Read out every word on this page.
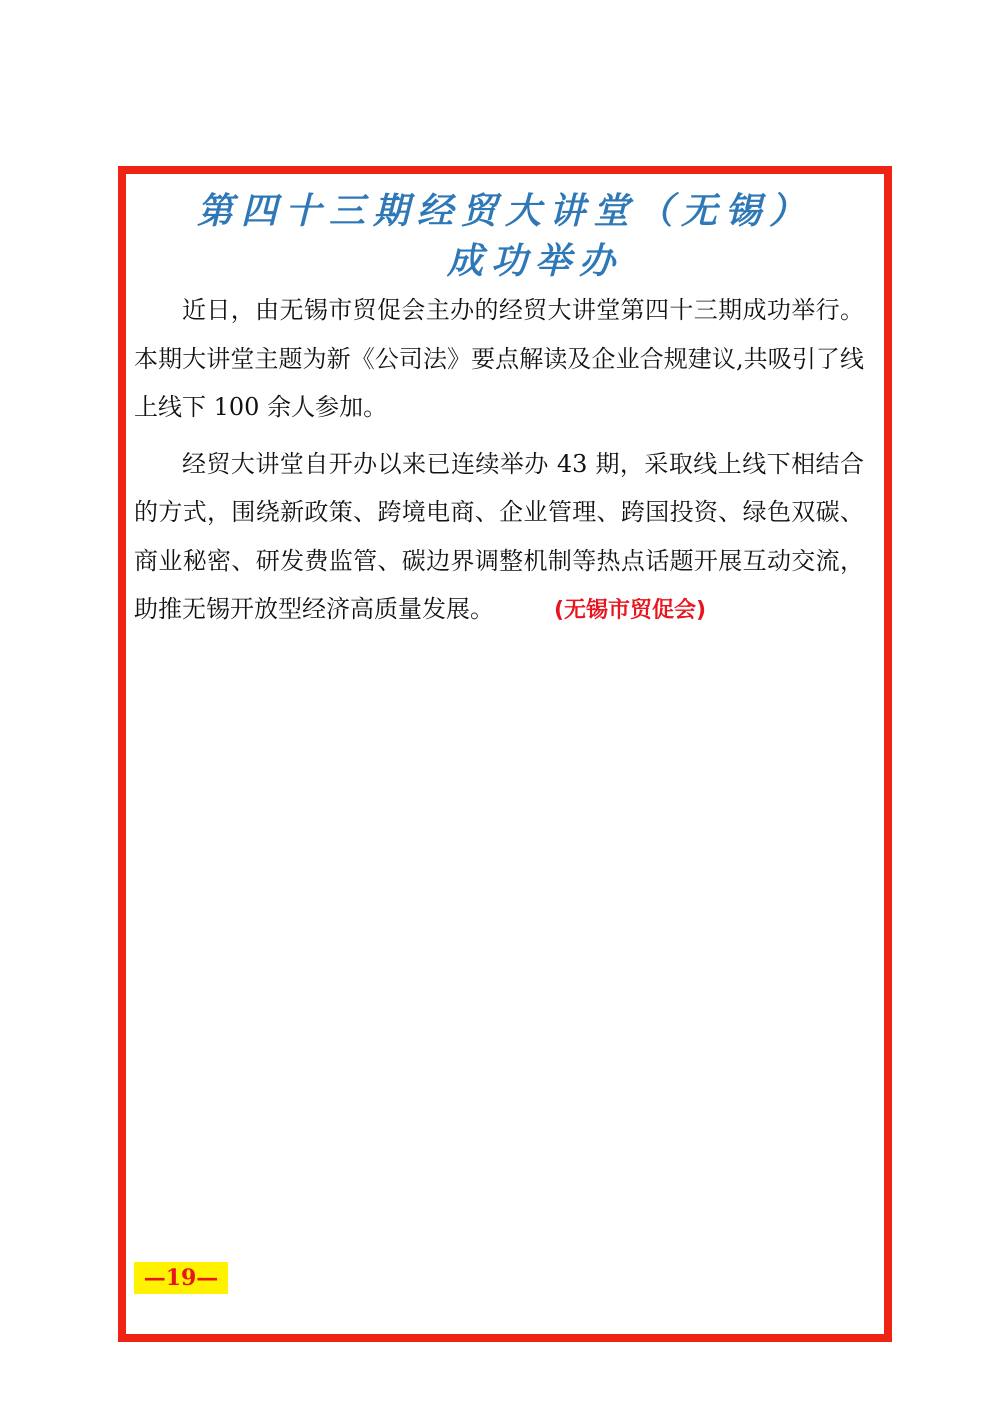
第四十三期经贸大讲堂（无锡）
成功举办

近日，由无锡市贸促会主办的经贸大讲堂第四十三期成功举行。本期大讲堂主题为新《公司法》要点解读及企业合规建议,共吸引了线上线下 100 余人参加。

经贸大讲堂自开办以来已连续举办 43 期，采取线上线下相结合的方式，围绕新政策、跨境电商、企业管理、跨国投资、绿色双碳、商业秘密、研发费监管、碳边界调整机制等热点话题开展互动交流，助推无锡开放型经济高质量发展。	(无锡市贸促会)

—19—
